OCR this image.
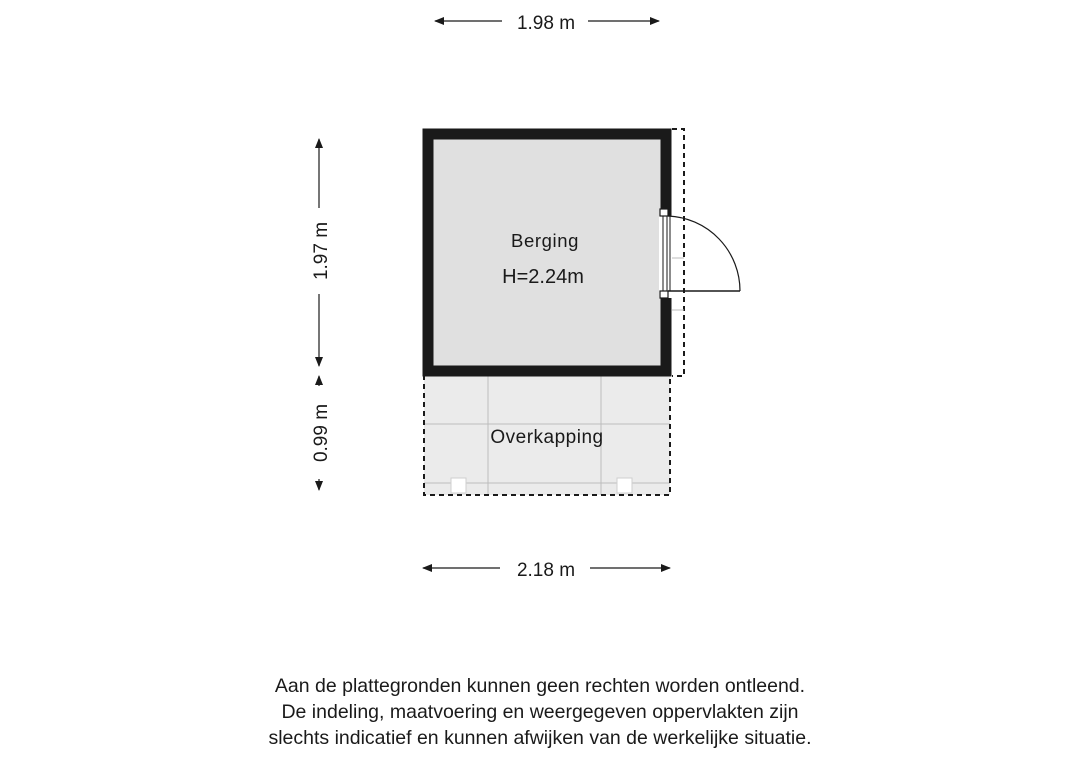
Overkapping
Berging
H=2.24m
1.98 m
2.18 m
1.97 m
0.99 m
Aan de plattegronden kunnen geen rechten worden ontleend.
De indeling, maatvoering en weergegeven oppervlakten zijn
slechts indicatief en kunnen afwijken van de werkelijke situatie.
